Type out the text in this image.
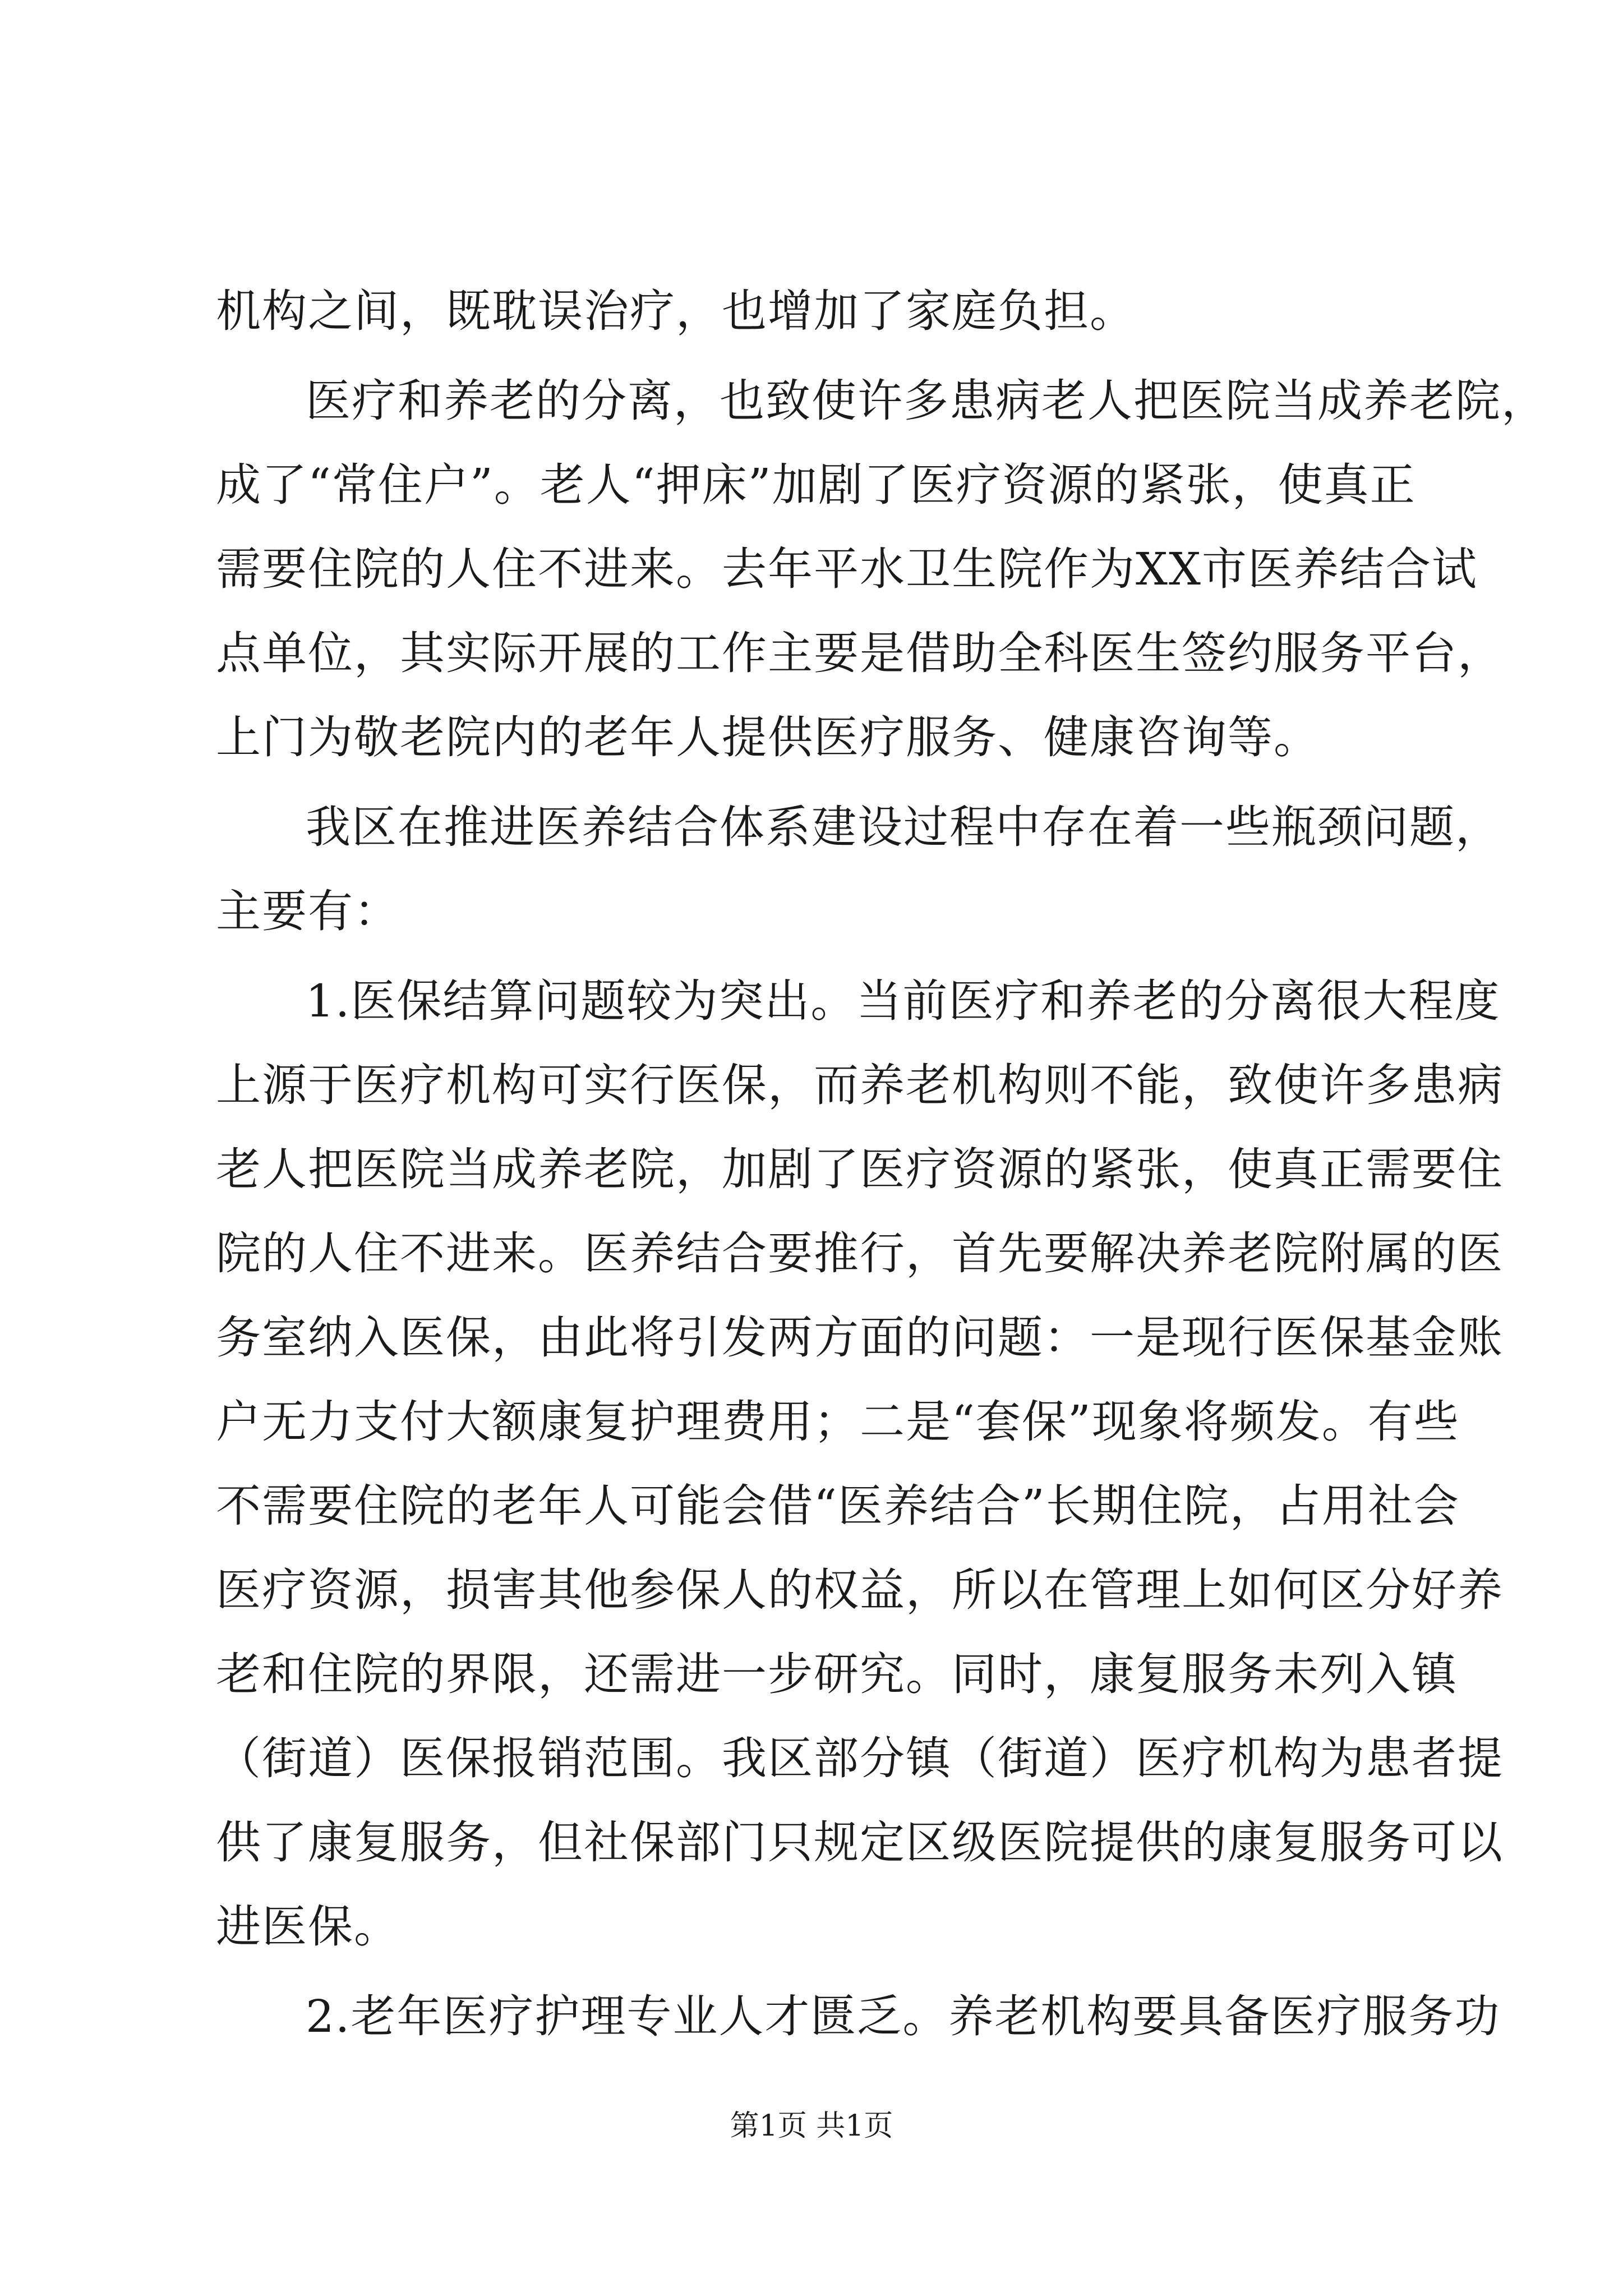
机构之间，既耽误治疗，也增加了家庭负担。
医疗和养老的分离，也致使许多患病老人把医院当成养老院，
成了“常住户”。老人“押床”加剧了医疗资源的紧张，使真正
需要住院的人住不进来。去年平水卫生院作为XX市医养结合试
点单位，其实际开展的工作主要是借助全科医生签约服务平台，
上门为敬老院内的老年人提供医疗服务、健康咨询等。
我区在推进医养结合体系建设过程中存在着一些瓶颈问题，
主要有：
1.医保结算问题较为突出。当前医疗和养老的分离很大程度
上源于医疗机构可实行医保，而养老机构则不能，致使许多患病
老人把医院当成养老院，加剧了医疗资源的紧张，使真正需要住
院的人住不进来。医养结合要推行，首先要解决养老院附属的医
务室纳入医保，由此将引发两方面的问题：一是现行医保基金账
户无力支付大额康复护理费用；二是“套保”现象将频发。有些
不需要住院的老年人可能会借“医养结合”长期住院，占用社会
医疗资源，损害其他参保人的权益，所以在管理上如何区分好养
老和住院的界限，还需进一步研究。同时，康复服务未列入镇
（街道）医保报销范围。我区部分镇（街道）医疗机构为患者提
供了康复服务，但社保部门只规定区级医院提供的康复服务可以
进医保。
2.老年医疗护理专业人才匮乏。养老机构要具备医疗服务功
第1页 共1页
